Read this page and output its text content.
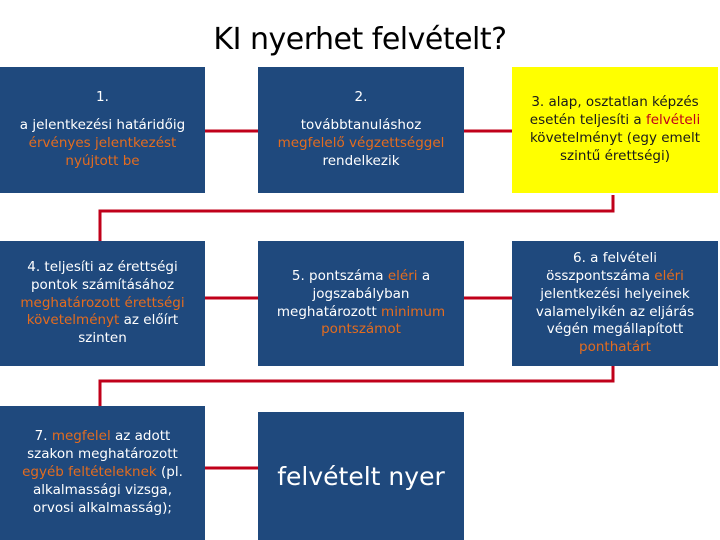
KI nyerhet felvételt?
1.
a jelentkezési határidőig
érvényes jelentkezést
nyújtott be
2.
továbbtanuláshoz
megfelelő végzettséggel
rendelkezik
3. alap, osztatlan képzés
esetén teljesíti a felvételi
követelményt (egy emelt
szintű érettségi)
4. teljesíti az érettségi
pontok számításához
meghatározott érettségi
követelményt az előírt
szinten
5. pontszáma eléri a
jogszabályban
meghatározott minimum
pontszámot
6. a felvételi
összpontszáma eléri
jelentkezési helyeinek
valamelyikén az eljárás
végén megállapított
ponthatárt
7. megfelel az adott
szakon meghatározott
egyéb feltételeknek (pl.
alkalmassági vizsga,
orvosi alkalmasság);
felvételt nyer
